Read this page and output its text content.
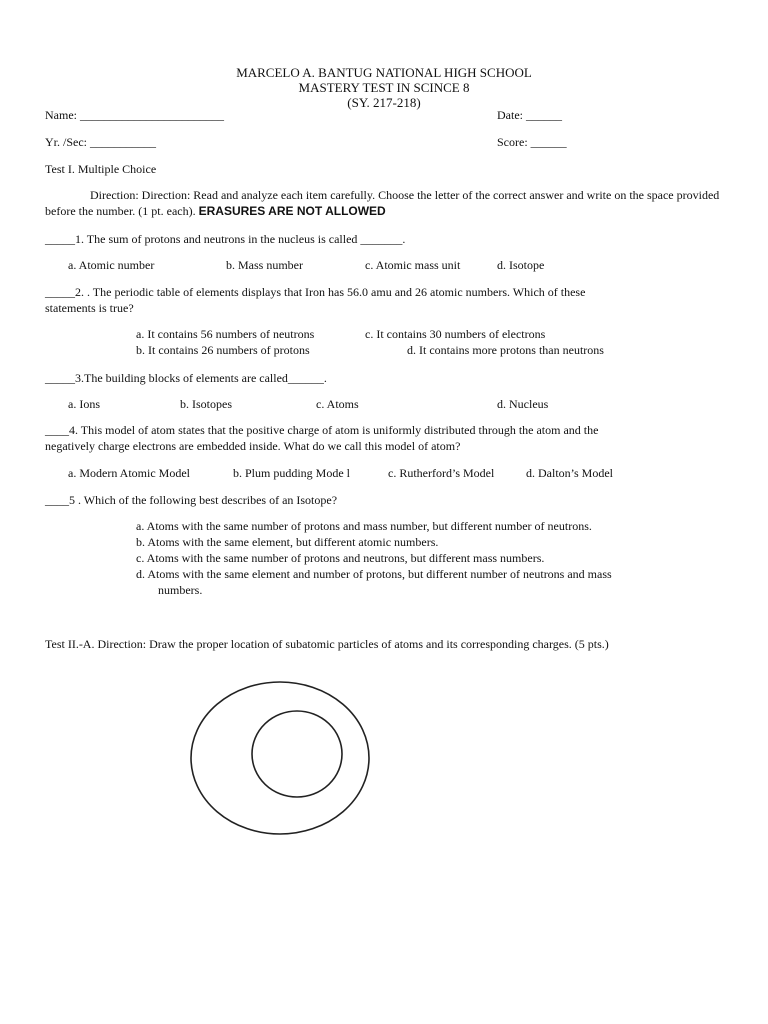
MARCELO A. BANTUG NATIONAL HIGH SCHOOL
MASTERY TEST IN SCINCE 8
(SY. 217-218)
Name: ________________________	Date: ______
Yr. /Sec: ___________	Score: ______
Test I. Multiple Choice
Direction: Direction: Read and analyze each item carefully. Choose the letter of the correct answer and write on the space provided before the number. (1 pt. each). ERASURES ARE NOT ALLOWED
_____1. The sum of protons and neutrons in the nucleus is called _______.
a. Atomic number	b. Mass number	c. Atomic mass unit	d. Isotope
_____2. . The periodic table of elements displays that Iron has 56.0 amu and 26 atomic numbers. Which of these
statements is true?
a. It contains 56 numbers of neutrons	c. It contains 30 numbers of electrons
b. It contains 26 numbers of protons	d. It contains more protons than neutrons
_____3.The building blocks of elements are called______.
a. Ions	b. Isotopes	c. Atoms	d. Nucleus
____4. This model of atom states that the positive charge of atom is uniformly distributed through the atom and the
negatively charge electrons are embedded inside. What do we call this model of atom?
a. Modern Atomic Model	b. Plum pudding Mode l	c. Rutherford’s Model	d. Dalton’s Model
____5 . Which of the following best describes of an Isotope?
a. Atoms with the same number of protons and mass number, but different number of neutrons.
b. Atoms with the same element, but different atomic numbers.
c. Atoms with the same number of protons and neutrons, but different mass numbers.
d. Atoms with the same element and number of protons, but different number of neutrons and mass
numbers.
Test II.-A. Direction: Draw the proper location of subatomic particles of atoms and its corresponding charges. (5 pts.)
